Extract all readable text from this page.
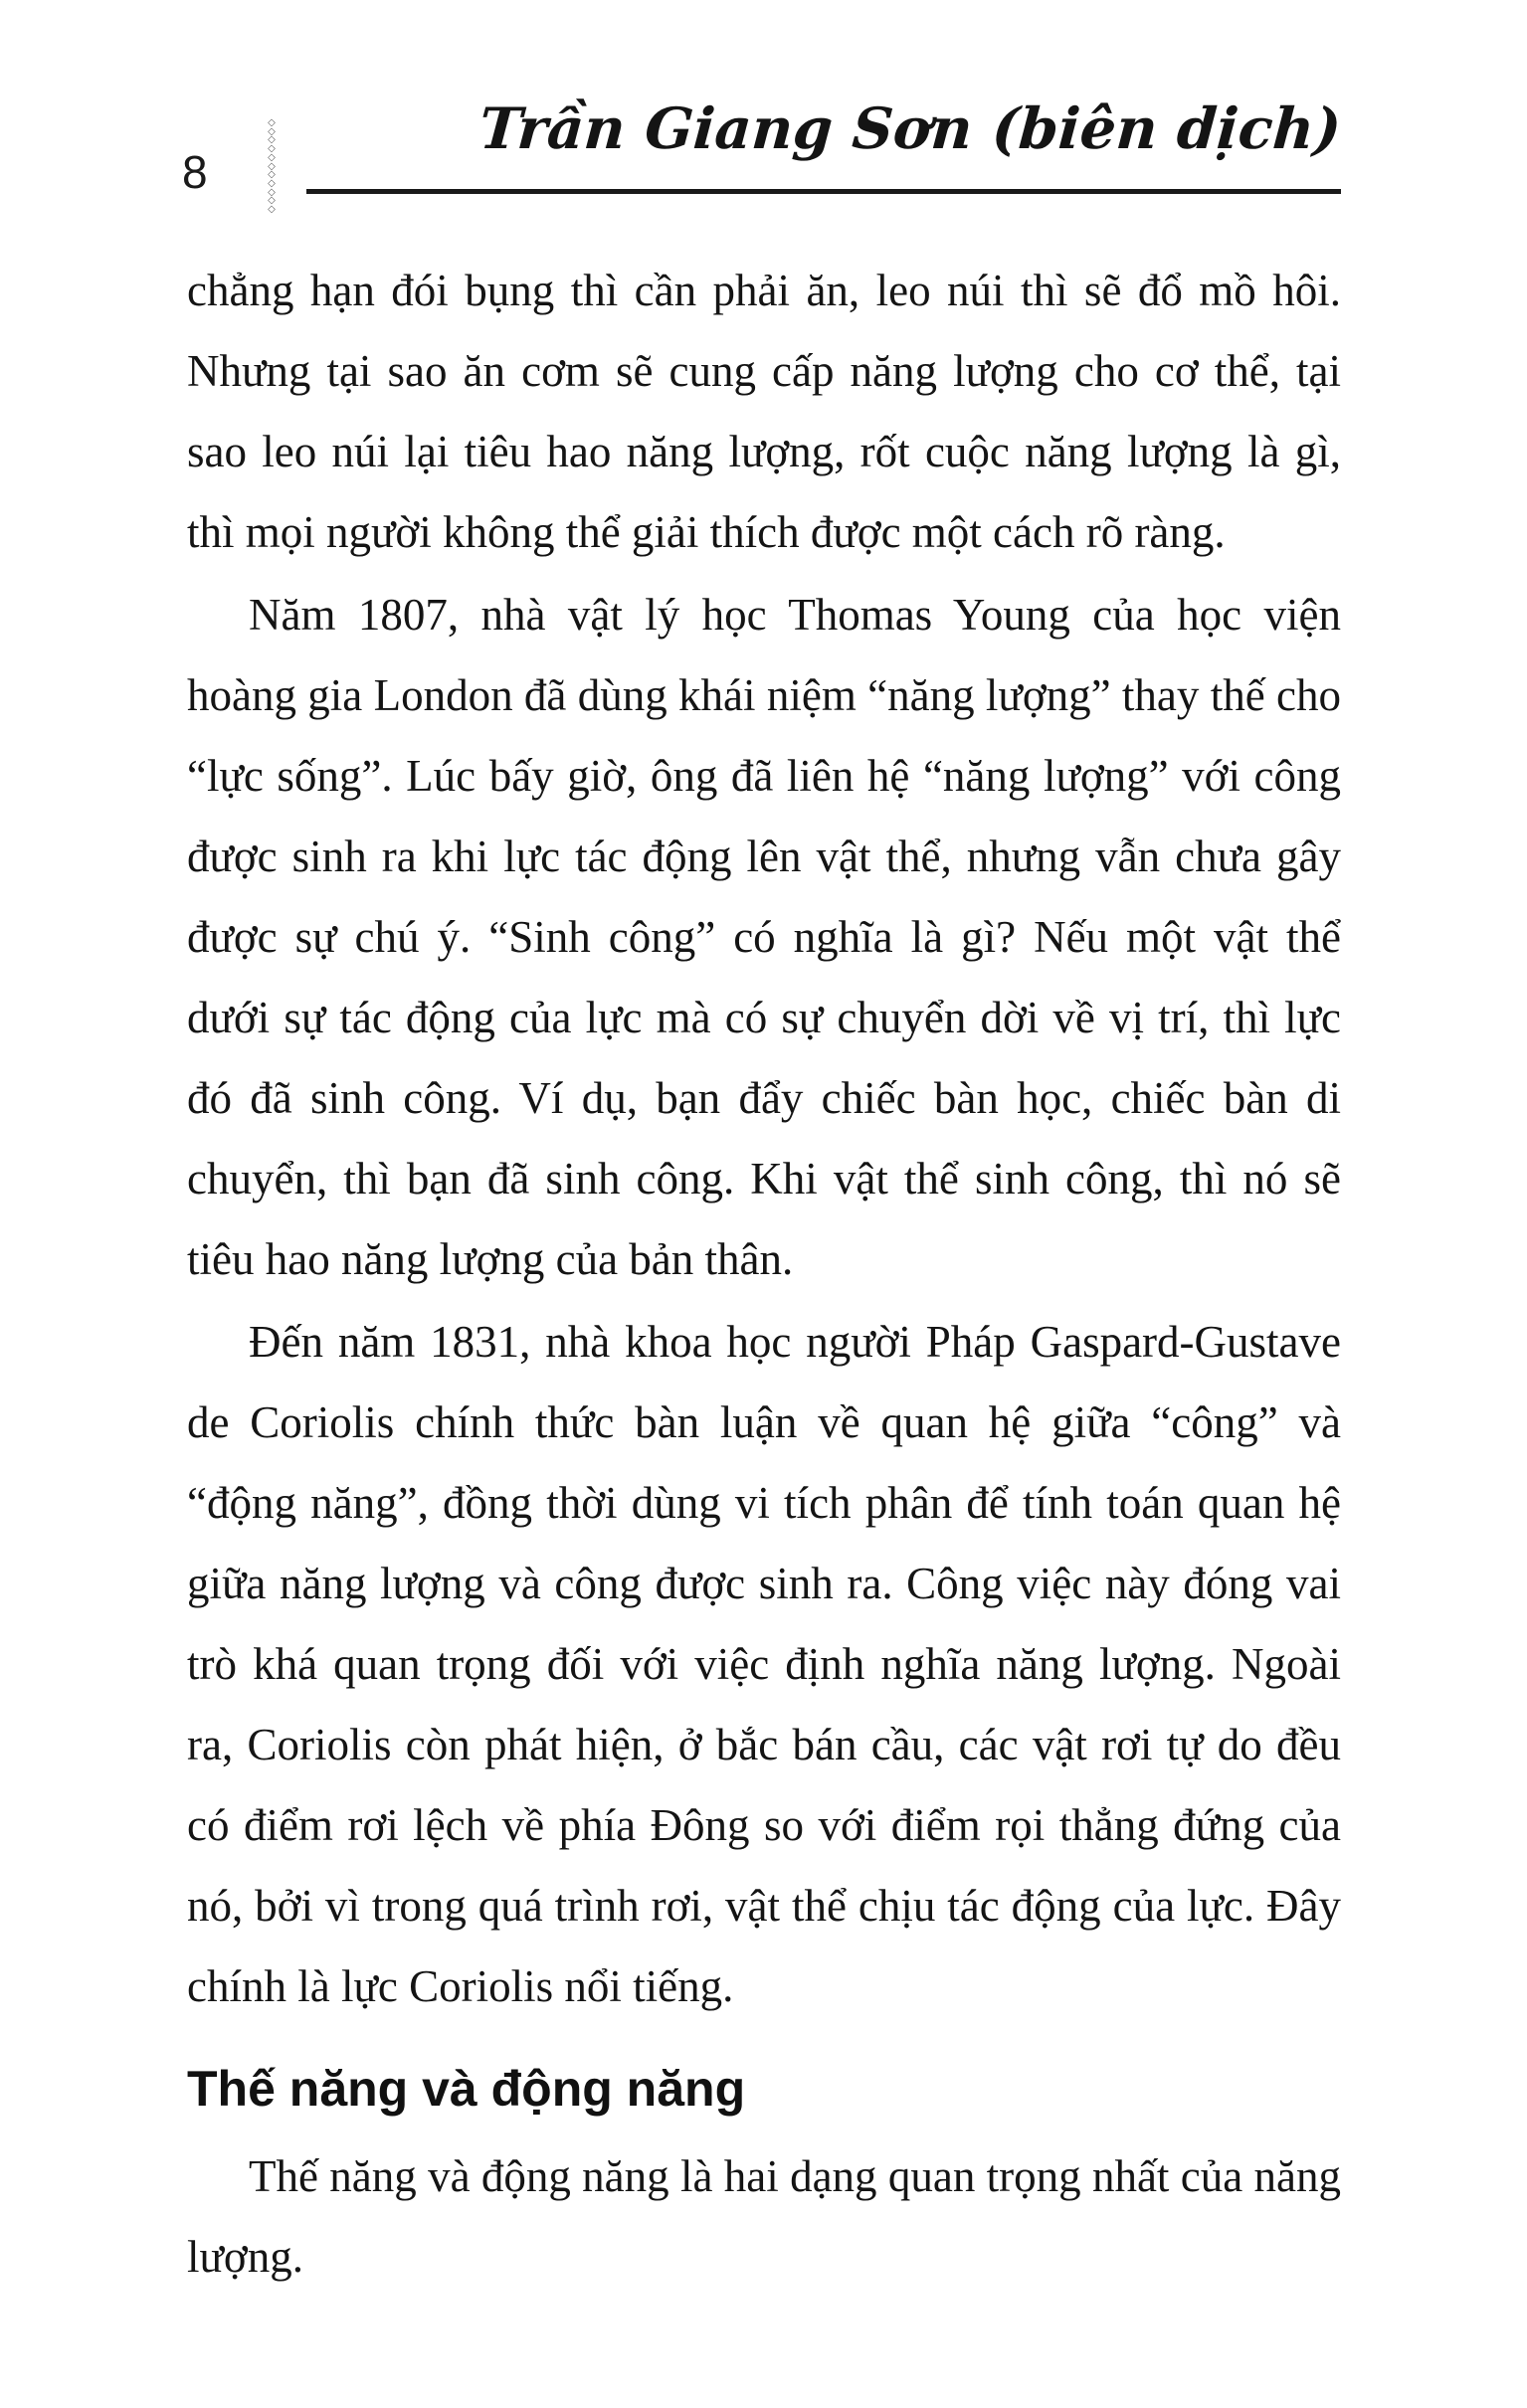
8
◇◇◇◇◇◇◇◇◇◇◇
Trần Giang Sơn (biên dịch)

chẳng hạn đói bụng thì cần phải ăn, leo núi thì sẽ đổ mồ hôi. Nhưng tại sao ăn cơm sẽ cung cấp năng lượng cho cơ thể, tại sao leo núi lại tiêu hao năng lượng, rốt cuộc năng lượng là gì, thì mọi người không thể giải thích được một cách rõ ràng.

Năm 1807, nhà vật lý học Thomas Young của học viện hoàng gia London đã dùng khái niệm “năng lượng” thay thế cho “lực sống”. Lúc bấy giờ, ông đã liên hệ “năng lượng” với công được sinh ra khi lực tác động lên vật thể, nhưng vẫn chưa gây được sự chú ý. “Sinh công” có nghĩa là gì? Nếu một vật thể dưới sự tác động của lực mà có sự chuyển dời về vị trí, thì lực đó đã sinh công. Ví dụ, bạn đẩy chiếc bàn học, chiếc bàn di chuyển, thì bạn đã sinh công. Khi vật thể sinh công, thì nó sẽ tiêu hao năng lượng của bản thân.

Đến năm 1831, nhà khoa học người Pháp Gaspard-Gustave de Coriolis chính thức bàn luận về quan hệ giữa “công” và “động năng”, đồng thời dùng vi tích phân để tính toán quan hệ giữa năng lượng và công được sinh ra. Công việc này đóng vai trò khá quan trọng đối với việc định nghĩa năng lượng. Ngoài ra, Coriolis còn phát hiện, ở bắc bán cầu, các vật rơi tự do đều có điểm rơi lệch về phía Đông so với điểm rọi thẳng đứng của nó, bởi vì trong quá trình rơi, vật thể chịu tác động của lực. Đây chính là lực Coriolis nổi tiếng.

Thế năng và động năng

Thế năng và động năng là hai dạng quan trọng nhất của năng lượng.
